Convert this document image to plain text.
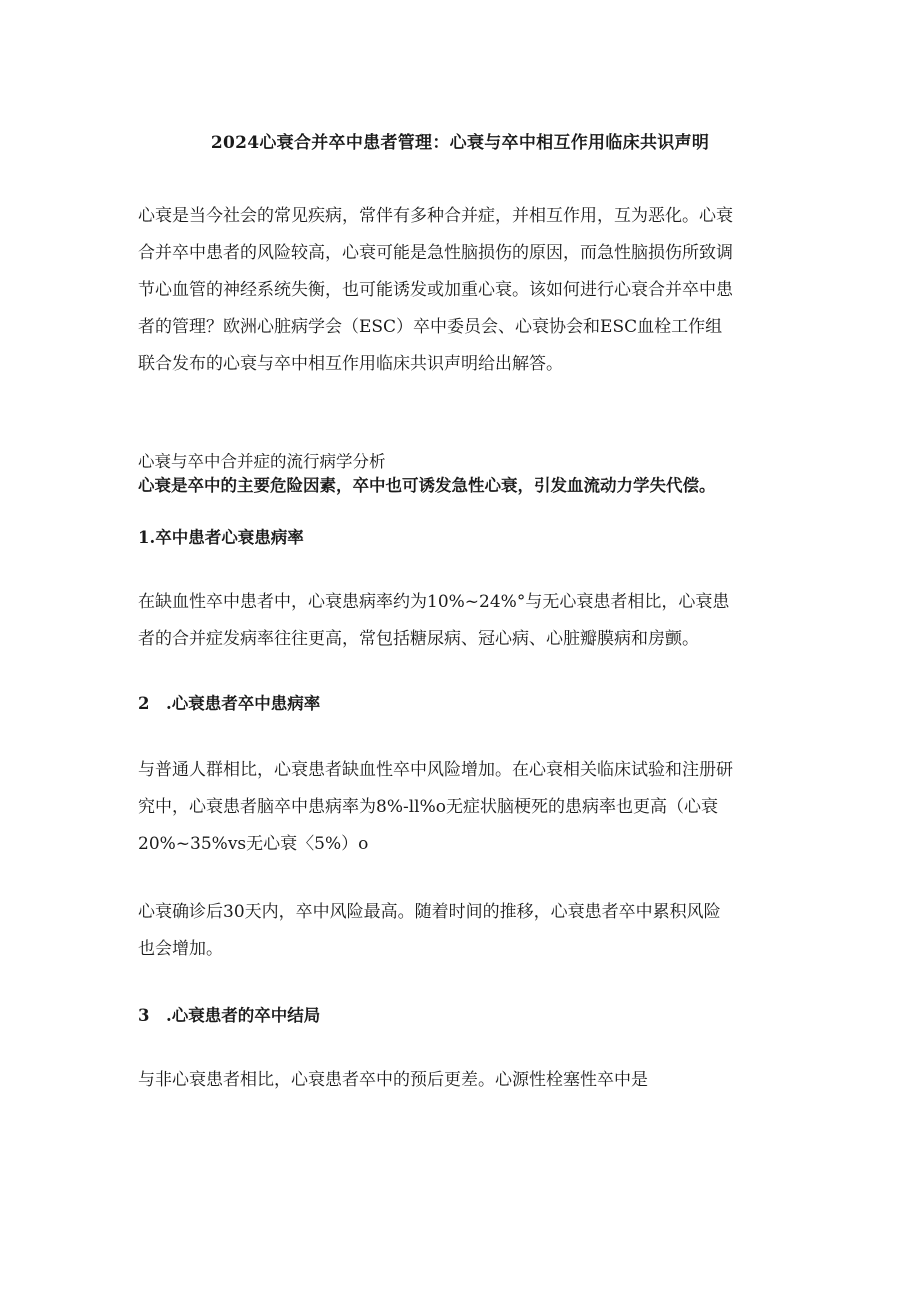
2024心衰合并卒中患者管理：心衰与卒中相互作用临床共识声明
心衰是当今社会的常见疾病，常伴有多种合并症，并相互作用，互为恶化。心衰
合并卒中患者的风险较高，心衰可能是急性脑损伤的原因，而急性脑损伤所致调
节心血管的神经系统失衡，也可能诱发或加重心衰。该如何进行心衰合并卒中患
者的管理？欧洲心脏病学会（ESC）卒中委员会、心衰协会和ESC血栓工作组
联合发布的心衰与卒中相互作用临床共识声明给出解答。
心衰与卒中合并症的流行病学分析
心衰是卒中的主要危险因素，卒中也可诱发急性心衰，引发血流动力学失代偿。
1.卒中患者心衰患病率
在缺血性卒中患者中，心衰患病率约为10%~24%°与无心衰患者相比，心衰患
者的合并症发病率往往更高，常包括糖尿病、冠心病、心脏瓣膜病和房颤。
2 .心衰患者卒中患病率
与普通人群相比，心衰患者缺血性卒中风险增加。在心衰相关临床试验和注册研
究中，心衰患者脑卒中患病率为8%-ll%o无症状脑梗死的患病率也更高（心衰
20%~35%vs无心衰〈5%）o
心衰确诊后30天内，卒中风险最高。随着时间的推移，心衰患者卒中累积风险
也会增加。
3 .心衰患者的卒中结局
与非心衰患者相比，心衰患者卒中的预后更差。心源性栓塞性卒中是
